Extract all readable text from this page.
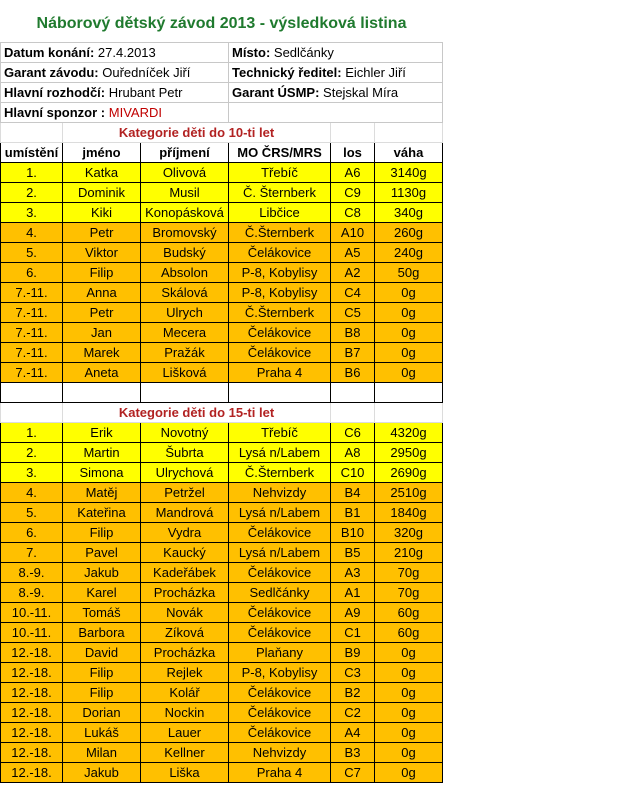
Náborový dětský závod 2013 - výsledková listina						
Datum konání: 27.4.2013			Místo: Sedlčánky			
Garant závodu: Ouředníček Jiří			Technický ředitel: Eichler Jiří			
Hlavní rozhodčí: Hrubant Petr			Garant ÚSMP: Stejskal Míra			
Hlavní sponzor : MIVARDI						
	Kategorie děti do 10-ti let					
umístění	jméno	příjmení	MO ČRS/MRS	los	váha	
1.	Katka	Olivová	Třebíč	A6	3140g	
2.	Dominik	Musil	Č. Šternberk	C9	1130g	
3.	Kiki	Konopásková	Libčice	C8	340g	
4.	Petr	Bromovský	Č.Šternberk	A10	260g	
5.	Viktor	Budský	Čelákovice	A5	240g	
6.	Filip	Absolon	P-8, Kobylisy	A2	50g	
7.-11.	Anna	Skálová	P-8, Kobylisy	C4	0g	
7.-11.	Petr	Ulrych	Č.Šternberk	C5	0g	
7.-11.	Jan	Mecera	Čelákovice	B8	0g	
7.-11.	Marek	Pražák	Čelákovice	B7	0g	
7.-11.	Aneta	Lišková	Praha 4	B6	0g	

	Kategorie děti do 15-ti let					
1.	Erik	Novotný	Třebíč	C6	4320g	
2.	Martin	Šubrta	Lysá n/Labem	A8	2950g	
3.	Simona	Ulrychová	Č.Šternberk	C10	2690g	
4.	Matěj	Petržel	Nehvizdy	B4	2510g	
5.	Kateřina	Mandrová	Lysá n/Labem	B1	1840g	
6.	Filip	Vydra	Čelákovice	B10	320g	
7.	Pavel	Kaucký	Lysá n/Labem	B5	210g	
8.-9.	Jakub	Kadeřábek	Čelákovice	A3	70g	
8.-9.	Karel	Procházka	Sedlčánky	A1	70g	
10.-11.	Tomáš	Novák	Čelákovice	A9	60g	
10.-11.	Barbora	Zíková	Čelákovice	C1	60g	
12.-18.	David	Procházka	Plaňany	B9	0g	
12.-18.	Filip	Rejlek	P-8, Kobylisy	C3	0g	
12.-18.	Filip	Kolář	Čelákovice	B2	0g	
12.-18.	Dorian	Nockin	Čelákovice	C2	0g	
12.-18.	Lukáš	Lauer	Čelákovice	A4	0g	
12.-18.	Milan	Kellner	Nehvizdy	B3	0g	
12.-18.	Jakub	Liška	Praha 4	C7	0g	
